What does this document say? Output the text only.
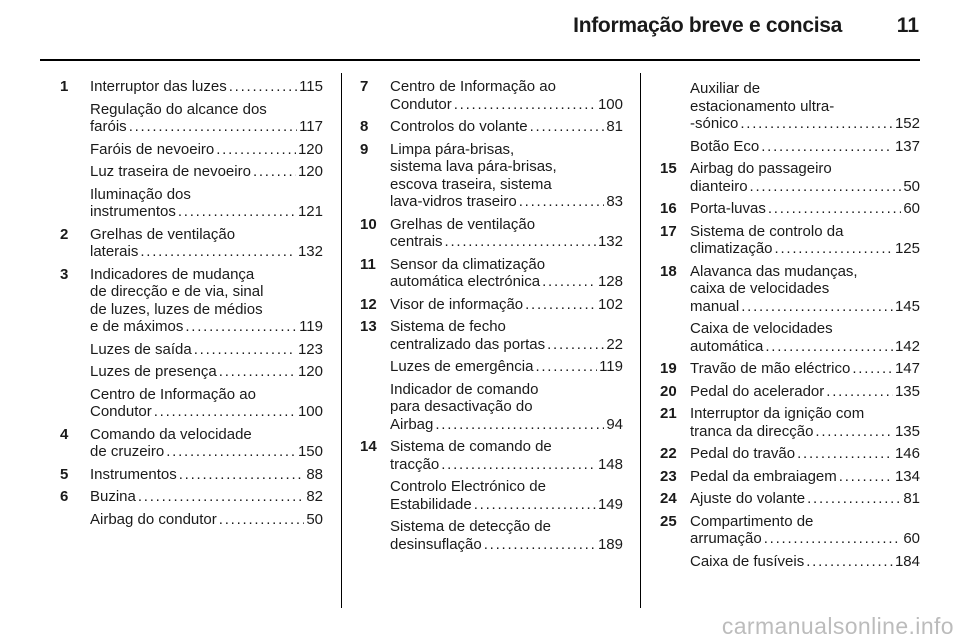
Informação breve e concisa	11
1 Interruptor das luzes . . .	115
Regulação do alcance dos
faróis . . .	117
Faróis de nevoeiro . . .	120
Luz traseira de nevoeiro . . .	120
Iluminação dos
instrumentos . . .	121
2 Grelhas de ventilação
laterais . . .	132
3 Indicadores de mudança
de direcção e de via, sinal
de luzes, luzes de médios
e de máximos . . .	119
Luzes de saída . . .	123
Luzes de presença . . .	120
Centro de Informação ao
Condutor . . .	100
4 Comando da velocidade
de cruzeiro . . .	150
5 Instrumentos . . .	88
6 Buzina . . .	82
Airbag do condutor . . .	50
7 Centro de Informação ao
Condutor . . .	100
8 Controlos do volante . . .	81
9 Limpa pára-brisas,
sistema lava pára-brisas,
escova traseira, sistema
lava-vidros traseiro . . .	83
10 Grelhas de ventilação
centrais . . .	132
11 Sensor da climatização
automática electrónica . . .	128
12 Visor de informação . . .	102
13 Sistema de fecho
centralizado das portas . . .	22
Luzes de emergência . . .	119
Indicador de comando
para desactivação do
Airbag . . .	94
14 Sistema de comando de
tracção . . .	148
Controlo Electrónico de
Estabilidade . . .	149
Sistema de detecção de
desinsuflação . . .	189
Auxiliar de
estacionamento ultra-
-sónico . . .	152
Botão Eco . . .	137
15 Airbag do passageiro
dianteiro . . .	50
16 Porta-luvas . . .	60
17 Sistema de controlo da
climatização . . .	125
18 Alavanca das mudanças,
caixa de velocidades
manual . . .	145
Caixa de velocidades
automática . . .	142
19 Travão de mão eléctrico . . .	147
20 Pedal do acelerador . . .	135
21 Interruptor da ignição com
tranca da direcção . . .	135
22 Pedal do travão . . .	146
23 Pedal da embraiagem . . .	134
24 Ajuste do volante . . .	81
25 Compartimento de
arrumação . . .	60
Caixa de fusíveis . . .	184
carmanualsonline.info
